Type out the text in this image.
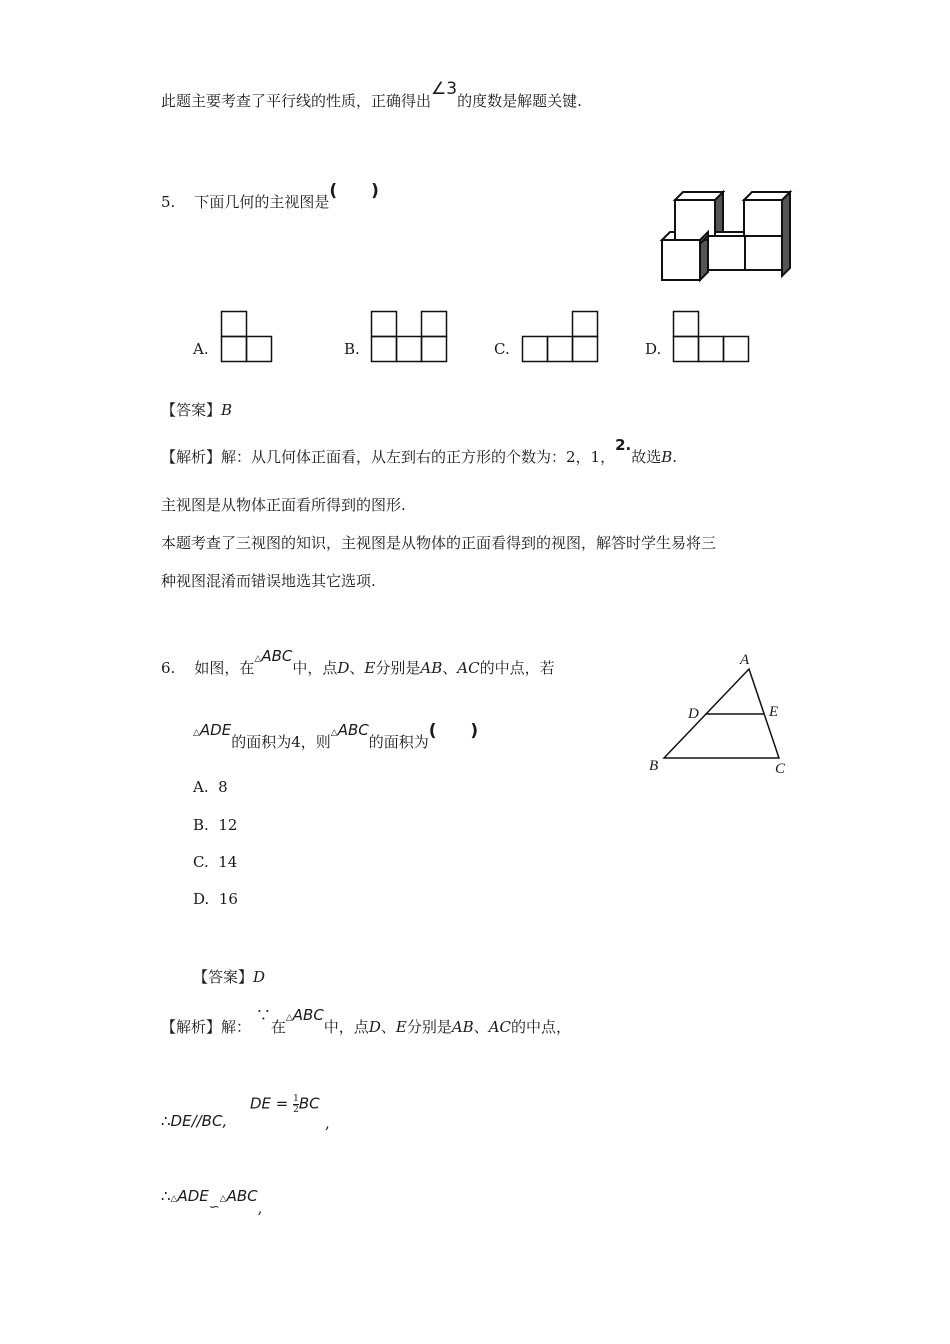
此题主要考查了平行线的性质，正确得出∠3的度数是解题关键.
5. 下面几何的主视图是( )
A.	B.	C.	D.
【答案】B
【解析】解：从几何体正面看，从左到右的正方形的个数为：2，1，2.故选B.
主视图是从物体正面看所得到的图形.
本题考查了三视图的知识，主视图是从物体的正面看得到的视图，解答时学生易将三
种视图混淆而错误地选其它选项.
6. 如图，在△ABC中，点D、E分别是AB、AC的中点，若
△ADE的面积为4，则△ABC的面积为( )
A
D	E
B	C
A. 8
B. 12
C. 14
D. 16
【答案】D
【解析】解： ∵在△ABC中，点D、E分别是AB、AC的中点，
∴DE//BC,
DE = $\frac{1}{2}$ BC
,
∴△ADE∽△ABC,
